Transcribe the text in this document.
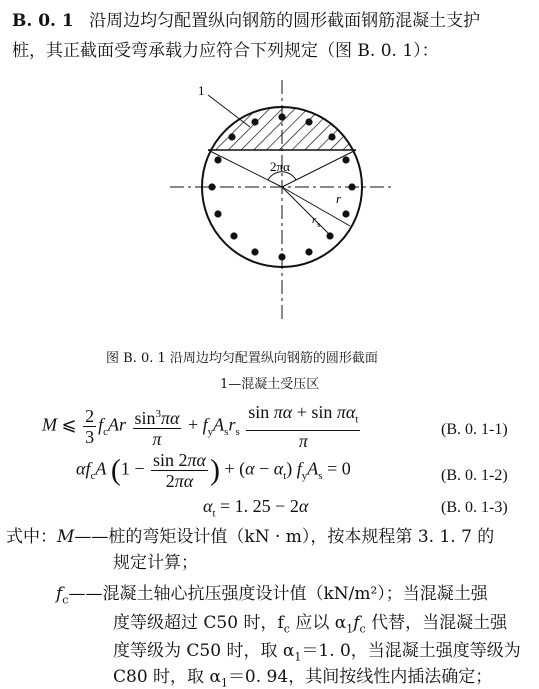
B. 0. 1 沿周边均匀配置纵向钢筋的圆形截面钢筋混凝土支护
桩，其正截面受弯承载力应符合下列规定（图 B. 0. 1）：
1
2πα
r
r s
图 B. 0. 1 沿周边均匀配置纵向钢筋的圆形截面
1—混凝土受压区
M ⩽ $\frac{2}{3} f_cAr \frac{\sin^3\pi\alpha}{\pi} + f_yA_sr_s \frac{\sin \pi\alpha + \sin \pi\alpha_t}{\pi}$	(B. 0. 1-1)
$\alpha f_cA$ ($1 - \frac{\sin 2\pi\alpha}{2\pi\alpha}$ ) + $(\alpha - \alpha_t)$ $f_yA_s = 0$	(B. 0. 1-2)
$\alpha_t = 1$. 25 − 2α	(B. 0. 1-3)
式中：M——桩的弯矩设计值（kN · m），按本规程第 3. 1. 7 的
规定计算；
$f_c——$混凝土轴心抗压强度设计值（kN/m²）；当混凝土强
度等级超过 C50 时，$f_c$ 应以 $\alpha_1f_c$ 代替，当混凝土强
度等级为 C50 时，取 $\alpha_1=1$. 0，当混凝土强度等级为
C80 时，取 $\alpha_1=0$. 94，其间按线性内插法确定；
